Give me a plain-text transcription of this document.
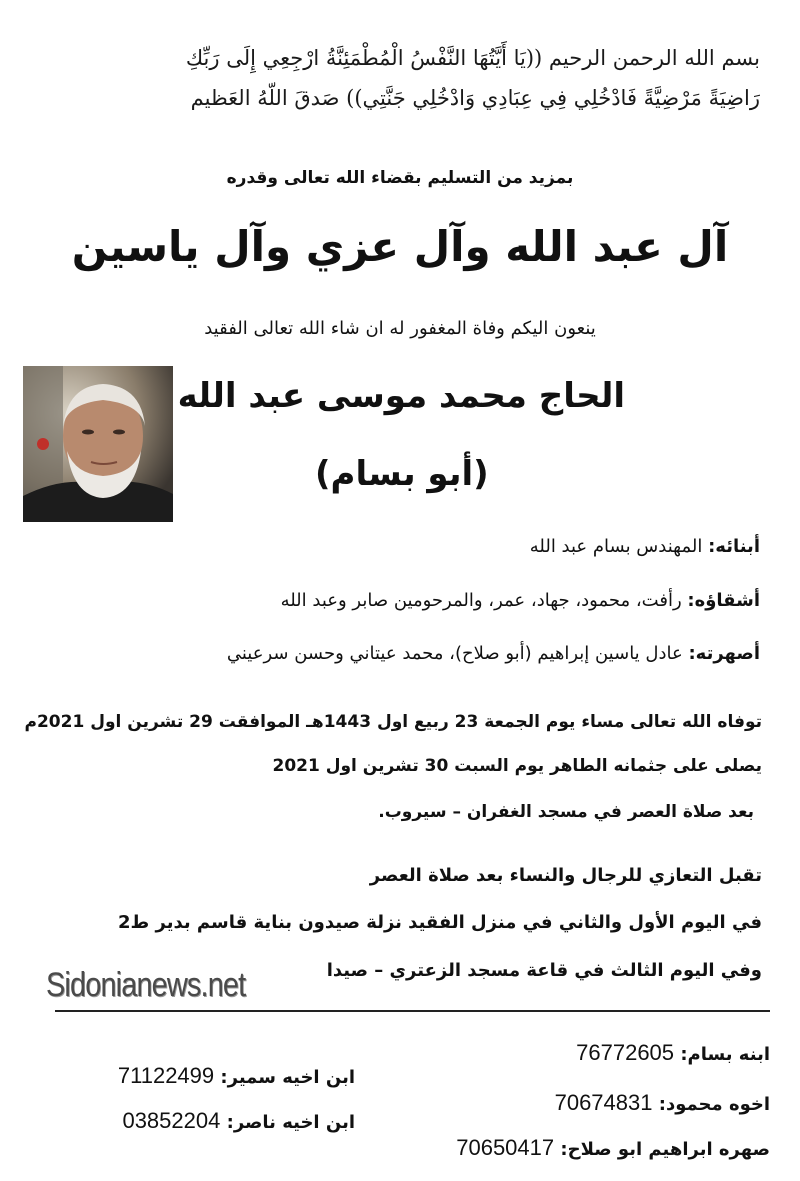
بسم الله الرحمن الرحيم ((يَا أَيَّتُهَا النَّفْسُ الْمُطْمَئِنَّةُ ارْجِعِي إِلَى رَبِّكِ
رَاضِيَةً مَرْضِيَّةً فَادْخُلِي فِي عِبَادِي وَادْخُلِي جَنَّتِي)) صَدقَ اللّهُ العَظيم
بمزيد من التسليم بقضاء الله تعالى وقدره
آل عبد الله وآل عزي وآل ياسين
ينعون اليكم وفاة المغفور له ان شاء الله تعالى الفقيد
الحاج محمد موسى عبد الله
(أبو بسام)
أبنائه: المهندس بسام عبد الله
أشقاؤه: رأفت، محمود، جهاد، عمر، والمرحومين صابر وعبد الله
أصهرته: عادل ياسين إبراهيم (أبو صلاح)، محمد عيتاني وحسن سرعيني
توفاه الله تعالى مساء يوم الجمعة 23 ربيع اول 1443هـ الموافقت 29 تشرين اول 2021م
يصلى على جثمانه الطاهر يوم السبت 30 تشرين اول 2021
بعد صلاة العصر في مسجد الغفران – سيروب.
تقبل التعازي للرجال والنساء بعد صلاة العصر
في اليوم الأول والثاني في منزل الفقيد نزلة صيدون بناية قاسم بدير ط2
وفي اليوم الثالث في قاعة مسجد الزعتري – صيدا
Sidonianews.net
ابنه بسام: 76772605
اخوه محمود: 70674831
صهره ابراهيم ابو صلاح: 70650417
ابن اخيه سمير: 71122499
ابن اخيه ناصر: 03852204
